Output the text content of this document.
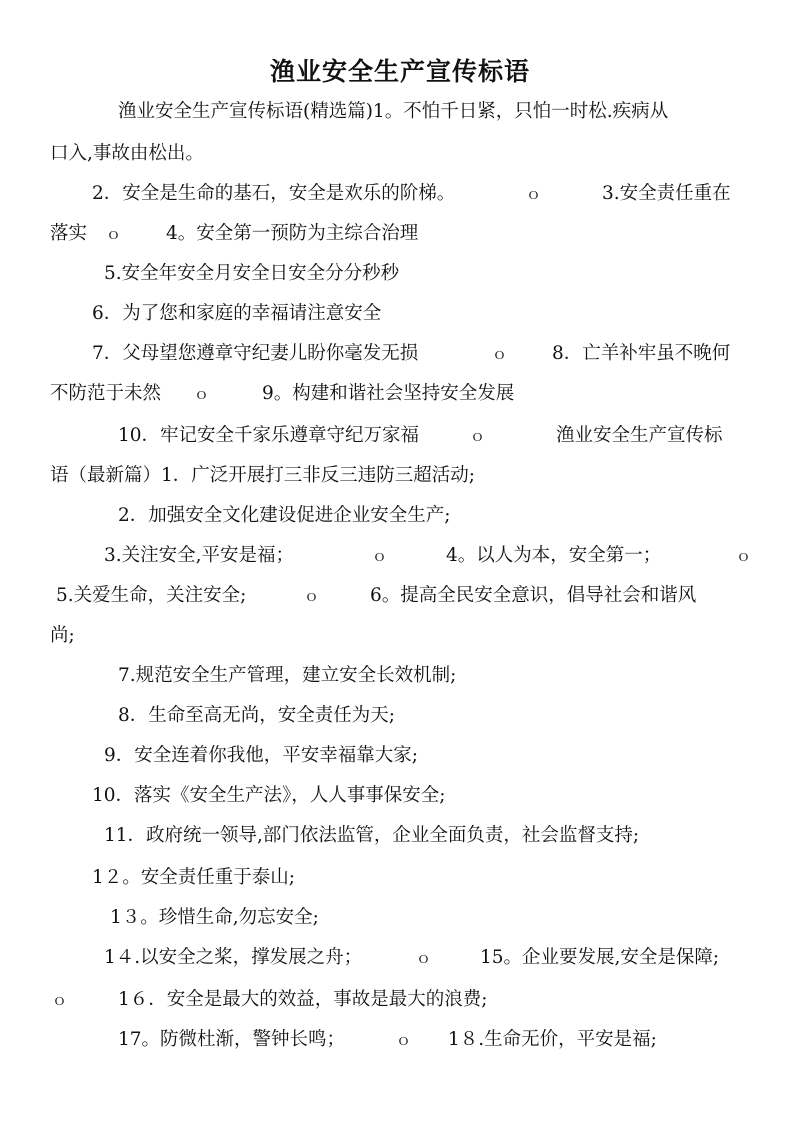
渔业安全生产宣传标语
渔业安全生产宣传标语(精选篇)1。不怕千日紧，只怕一时松.疾病从
口入,事故由松出。
2．安全是生命的基石，安全是欢乐的阶梯。	ｏ	3.安全责任重在
落实 ｏ 4。安全第一预防为主综合治理
5.安全年安全月安全日安全分分秒秒
6．为了您和家庭的幸福请注意安全
7．父母望您遵章守纪妻儿盼你毫发无损	ｏ 8．亡羊补牢虽不晚何
不防范于未然 ｏ	9。构建和谐社会坚持安全发展
10．牢记安全千家乐遵章守纪万家福	ｏ	渔业安全生产宣传标
语（最新篇）1．广泛开展打三非反三违防三超活动;
2．加强安全文化建设促进企业安全生产;
3.关注安全,平安是福；	ｏ	4。以人为本，安全第一；	ｏ
5.关爱生命，关注安全;	ｏ	6。提高全民安全意识，倡导社会和谐风
尚;
7.规范安全生产管理，建立安全长效机制;
8．生命至高无尚，安全责任为天;
9．安全连着你我他，平安幸福靠大家;
10．落实《安全生产法》，人人事事保安全;
11．政府统一领导,部门依法监管，企业全面负责，社会监督支持;
1２。安全责任重于泰山;
1３。珍惜生命,勿忘安全;
1４.以安全之桨，撑发展之舟；	ｏ	15。企业要发展,安全是保障;
ｏ	1６．安全是最大的效益，事故是最大的浪费;
17。防微杜渐，警钟长鸣；	ｏ 1８.生命无价，平安是福;
